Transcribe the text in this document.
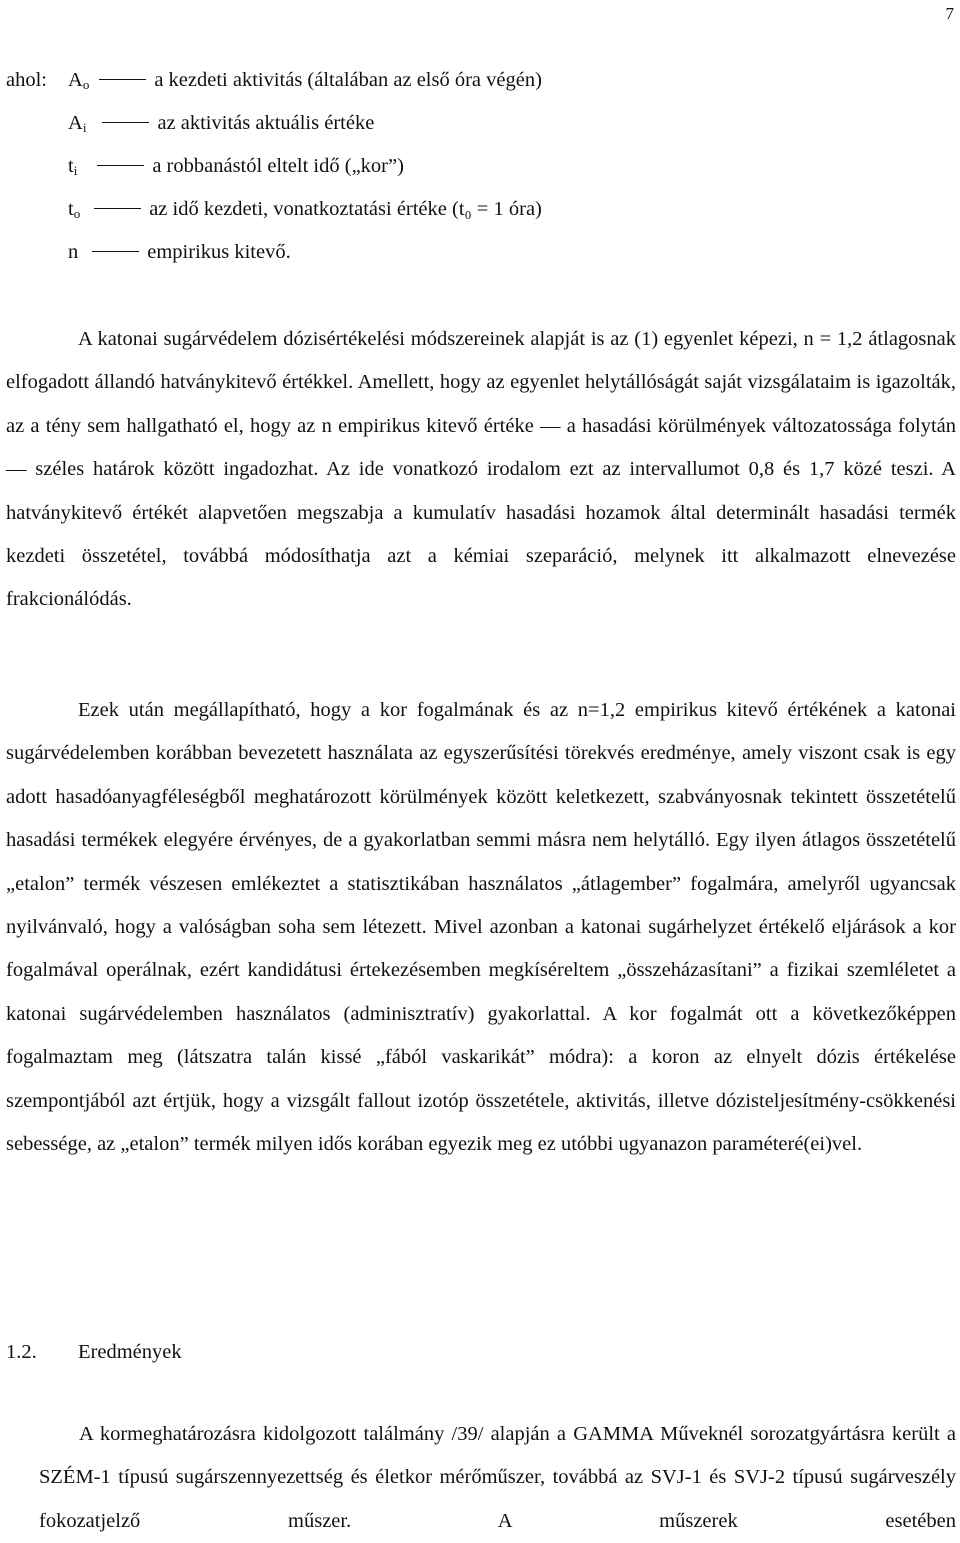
7
ahol:	$A_o$	a kezdeti aktivitás (általában az első óra végén)
$A_i$	az aktivitás aktuális értéke
$t_i$	a robbanástól eltelt idő („kor”)
$t_o$	az idő kezdeti, vonatkoztatási értéke (t₀ = 1 óra)
n	empirikus kitevő.

A katonai sugárvédelem dózisértékelési módszereinek alapját is az (1) egyenlet képezi, n = 1,2 átlagosnak elfogadott állandó hatványkitevő értékkel. Amellett, hogy az egyenlet helytállóságát saját vizsgálataim is igazolták, az a tény sem hallgatható el, hogy az n empirikus kitevő értéke — a hasadási körülmények változatossága folytán — széles határok között ingadozhat. Az ide vonatkozó irodalom ezt az intervallumot 0,8 és 1,7 közé teszi. A hatványkitevő értékét alapvetően megszabja a kumulatív hasadási hozamok által determinált hasadási termék kezdeti összetétel, továbbá módosíthatja azt a kémiai szeparáció, melynek itt alkalmazott elnevezése frakcionálódás.

Ezek után megállapítható, hogy a kor fogalmának és az n=1,2 empirikus kitevő értékének a katonai sugárvédelemben korábban bevezetett használata az egyszerűsítési törekvés eredménye, amely viszont csak is egy adott hasadóanyagféleségből meghatározott körülmények között keletkezett, szabványosnak tekintett összetételű hasadási termékek elegyére érvényes, de a gyakorlatban semmi másra nem helytálló. Egy ilyen átlagos összetételű „etalon” termék vészesen emlékeztet a statisztikában használatos „átlagember” fogalmára, amelyről ugyancsak nyilvánvaló, hogy a valóságban soha sem létezett. Mivel azonban a katonai sugárhelyzet értékelő eljárások a kor fogalmával operálnak, ezért kandidátusi értekezésemben megkíséreltem „összeházasítani” a fizikai szemléletet a katonai sugárvédelemben használatos (adminisztratív) gyakorlattal. A kor fogalmát ott a következőképpen fogalmaztam meg (látszatra talán kissé „fából vaskarikát” módra): a koron az elnyelt dózis értékelése szempontjából azt értjük, hogy a vizsgált fallout izotóp összetétele, aktivitás, illetve dózisteljesítmény-csökkenési sebessége, az „etalon” termék milyen idős korában egyezik meg ez utóbbi ugyanazon paraméteré(ei)vel.

1.2. Eredmények

A kormeghatározásra kidolgozott találmány /39/ alapján a GAMMA Műveknél sorozatgyártásra került a SZÉM-1 típusú sugárszennyezettség és életkor mérőműszer, továbbá az SVJ-1 és SVJ-2 típusú sugárveszély fokozatjelző műszer. A műszerek esetében
